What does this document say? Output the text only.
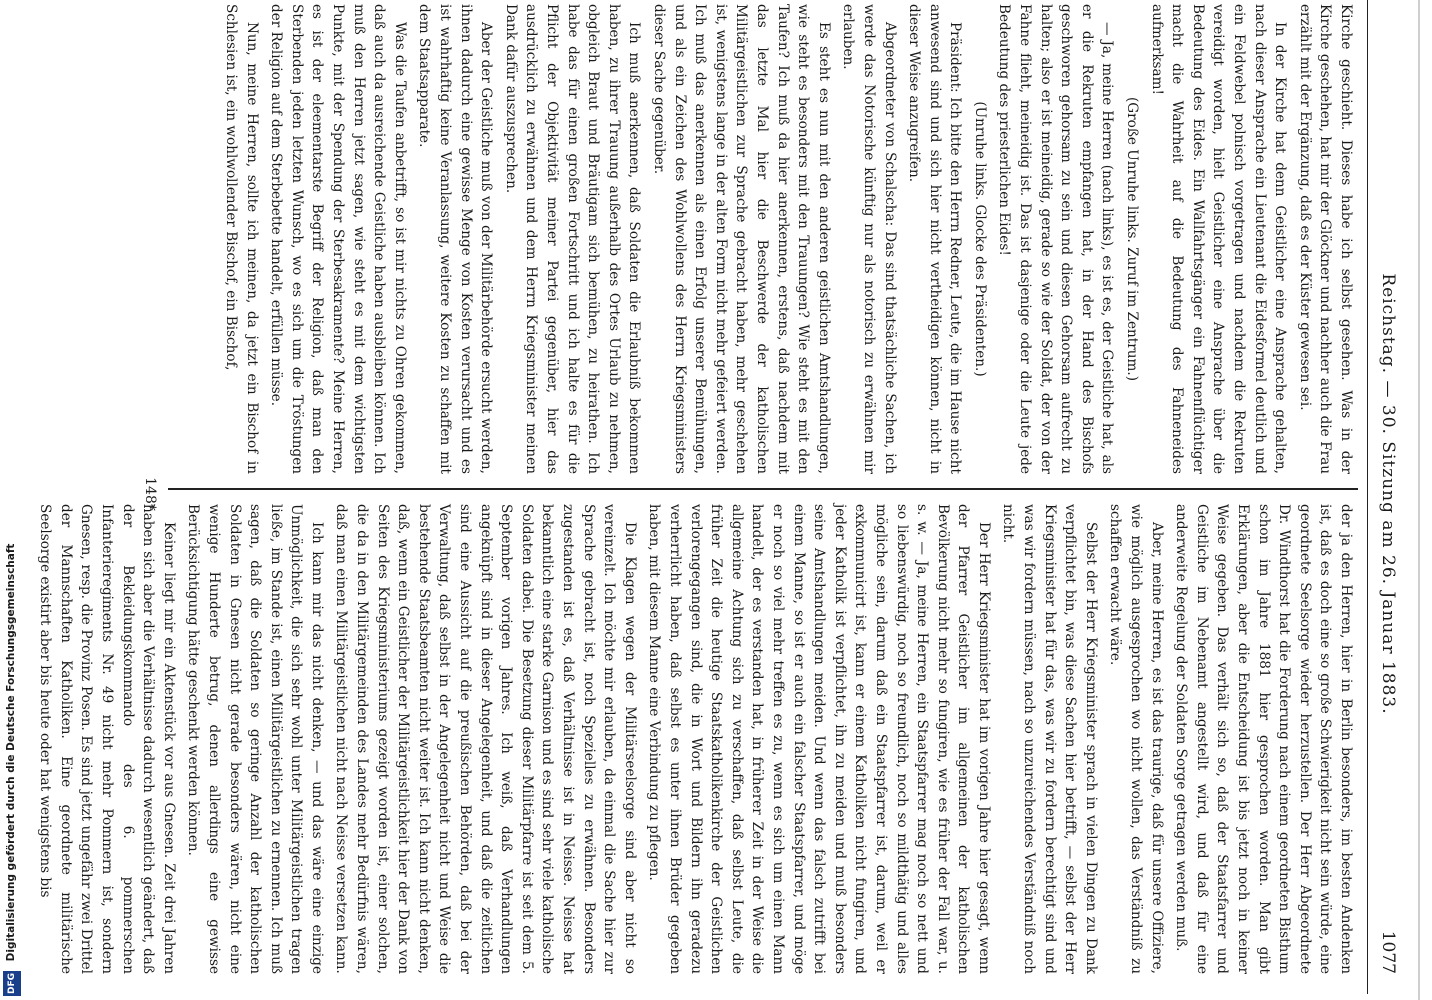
DFG Digitalisierung gefördert durch die Deutsche Forschungsgemeinschaft
Reichstag. — 30. Sitzung am 26. Januar 1883.
1077

Kirche geschieht. Dieses habe ich selbst gesehen. Was in der Kirche geschehen, hat mir der Glöckner und nachher auch die Frau erzählt mit der Ergänzung, daß es der Küster gewesen sei.

In der Kirche hat denn Geistlicher eine Ansprache gehalten, nach dieser Ansprache ein Lieutenant die Eidesformel deutlich und ein Feldwebel polnisch vorgetragen und nachdem die Rekruten vereidigt worden, hielt Geistlicher eine Ansprache über die Bedeutung des Eides. Ein Wallfahrtsgänger ein Fahnenflüchtiger macht die Wahrheit auf die Bedeutung des Fahneneides aufmerksam!

(Große Unruhe links. Zuruf im Zentrum.)

— Ja, meine Herren (nach links), es ist es, der Geistliche hat, als er die Rekruten empfangen hat, in der Hand des Bischofs geschworen gehorsam zu sein und diesen Gehorsam aufrecht zu halten; also er ist meineidig, gerade so wie der Soldat, der von der Fahne flieht, meineidig ist. Das ist dasjenige oder die Leute jede Bedeutung des priesterlichen Eides!

(Unruhe links. Glocke des Präsidenten.)

Präsident: Ich bitte den Herrn Redner, Leute, die im Hause nicht anwesend sind und sich hier nicht vertheidigen können, nicht in dieser Weise anzugreifen.

Abgeordneter von Schalscha: Das sind thatsächliche Sachen, ich werde das Notorische künftig nur als notorisch zu erwähnen mir erlauben.

Es steht es nun mit den anderen geistlichen Amtshandlungen, wie steht es besonders mit den Trauungen? Wie steht es mit den Taufen? Ich muß da hier anerkennen, erstens, daß nachdem mit das letzte Mal hier die Beschwerde der katholischen Militärgeistlichen zur Sprache gebracht haben, mehr geschehen ist, wenigstens lange in der alten Form nicht mehr gefeiert werden. Ich muß das anerkennen als einen Erfolg unserer Bemühungen, und als ein Zeichen des Wohlwollens des Herrn Kriegsministers dieser Sache gegenüber.

Ich muß anerkennen, daß Soldaten die Erlaubniß bekommen haben, zu ihrer Trauung außerhalb des Ortes Urlaub zu nehmen, obgleich Braut und Bräutigam sich bemühen, zu heirathen. Ich habe das für einen großen Fortschritt und ich halte es für die Pflicht der Objektivität meiner Partei gegenüber, hier das ausdrücklich zu erwähnen und dem Herrn Kriegsminister meinen Dank dafür auszusprechen.

Aber der Geistliche muß von der Militärbehörde ersucht werden, ihnen dadurch eine gewisse Menge von Kosten verursacht und es ist wahrhaftig keine Veranlassung, weitere Kosten zu schaffen mit dem Staatsapparate.

Was die Taufen anbetrifft, so ist mir nichts zu Ohren gekommen, daß auch da ausreichende Geistliche haben ausbleiben können. Ich muß den Herren jetzt sagen, wie steht es mit dem wichtigsten Punkte, mit der Spendung der Sterbesakramente? Meine Herren, es ist der eleementarste Begriff der Religion, daß man den Sterbenden jeden letzten Wunsch, wo es sich um die Tröstungen der Religion auf dem Sterbebette handelt, erfüllen müsse.

Nun, meine Herren, sollte ich meinen, da jetzt ein Bischof in Schlesien ist, ein wohlwollender Bischof, ein Bischof,

der ja den Herren, hier in Berlin besonders, im besten Andenken ist, daß es doch eine so große Schwierigkeit nicht sein würde, eine geordnete Seelsorge wieder herzustellen. Der Herr Abgeordnete Dr. Windthorst hat die Forderung nach einem geordneten Bisthum schon im Jahre 1881 hier gesprochen worden. Man gibt Erklärungen, aber die Entscheidung ist bis jetzt noch in keiner Weise gegeben. Das verhält sich so, daß der Staatsfarrer und Geistliche im Nebenamt angestellt wird, und daß für eine anderweite Regelung der Soldaten Sorge getragen werden muß.

Aber, meine Herren, es ist das traurige, daß für unsere Offiziere, wie möglich ausgesprochen wo nicht wollen, das Verständniß zu schaffen erwacht wäre.

Selbst der Herr Kriegsminister sprach in vielen Dingen zu Dank verpflichtet bin, was diese Sachen hier betrifft, — selbst der Herr Kriegsminister hat für das, was wir zu fordern berechtigt sind und was wir fordern müssen, nach so unzureichendes Verständniß noch nicht.

Der Herr Kriegsminister hat im vorigen Jahre hier gesagt, wenn der Pfarrer Geistlicher im allgemeinen der katholischen Bevölkerung nicht mehr so fungiren, wie es früher der Fall war, u. s. w. — Ja, meine Herren, ein Staatspfarrer mag noch so nett und so liebenswürdig, noch so freundlich, noch so mildthätig und alles mögliche sein, darum daß ein Staatspfarrer ist, darum, weil er exkommunicirt ist, kann er einem Katholiken nicht fungiren, und jeder Katholik ist verpflichtet, ihn zu meiden und muß besonders seine Amtshandlungen meiden. Und wenn das falsch zutrifft bei einem Manne, so ist er auch ein falscher Staatspfarrer, und möge er noch so viel mehr treffen es zu, wenn es sich um einen Mann handelt, der es verstanden hat, in früherer Zeit in der Weise die allgemeine Achtung sich zu verschaffen, daß selbst Leute, die früher Zeit die heutige Staatskatholikenkirche der Geistlichen verlorengegangen sind, die in Wort und Bildern ihn geradezu verherrlicht haben, daß selbst es unter ihnen Brüder gegeben haben, mit diesem Manne eine Verbindung zu pflegen.

Die Klagen wegen der Militärseelsorge sind aber nicht so vereinzelt. Ich möchte mir erlauben, da einmal die Sache hier zur Sprache gebracht ist, noch Spezielles zu erwähnen. Besonders zugestanden ist es, daß Verhältnisse ist in Neisse. Neisse hat bekanntlich eine starke Garnison und es sind sehr viele katholische Soldaten dabei. Die Besetzung dieser Militärpfarre ist seit dem 5. September vorigen Jahres. Ich weiß, daß Verhandlungen angeknüpft sind in dieser Angelegenheit, und daß die zeitlichen sind eine Aussicht auf die preußischen Behörden, daß bei der Verwaltung, daß selbst in der Angelegenheit nicht und Weise die bestehende Staatsbeamten nicht weiter ist. Ich kann nicht denken, daß, wenn ein Geistlicher der Militärgeistlichkeit hier der Dank von Seiten des Kriegsministeriums gezeigt worden ist, einer solchen, die da in den Militärgemeinden des Landes mehr Bedürfnis wären, daß man einen Militärgeistlichen nicht nach Neisse versetzen kann.

Ich kann mir das nicht denken, — und das wäre eine einzige Unmöglichkeit, die sich sehr wohl unter Militärgeistlichen tragen ließe, im Stande ist, einen Militärgeistlichen zu ernennen. Ich muß sagen, daß die Soldaten so geringe Anzahl der katholischen Soldaten in Gnesen nicht gerade besonders wären, nicht eine wenige Hunderte betrug, denen allerdings eine gewisse Berücksichtigung hätte geschenkt werden können.

Keiner liegt mir ein Aktenstück vor aus Gnesen. Zeit drei Jahren haben sich aber die Verhältnisse dadurch wesentlich geändert, daß der Bekleidungskommando des 6. pommerschen Infanterieregiments Nr. 49 nicht mehr Pommern ist, sondern Gnesen, resp. die Provinz Posen. Es sind jetzt ungefähr zwei Drittel der Mannschaften Katholiken. Eine geordnete militärische Seelsorge existirt aber bis heute oder hat wenigstens bis

148*
